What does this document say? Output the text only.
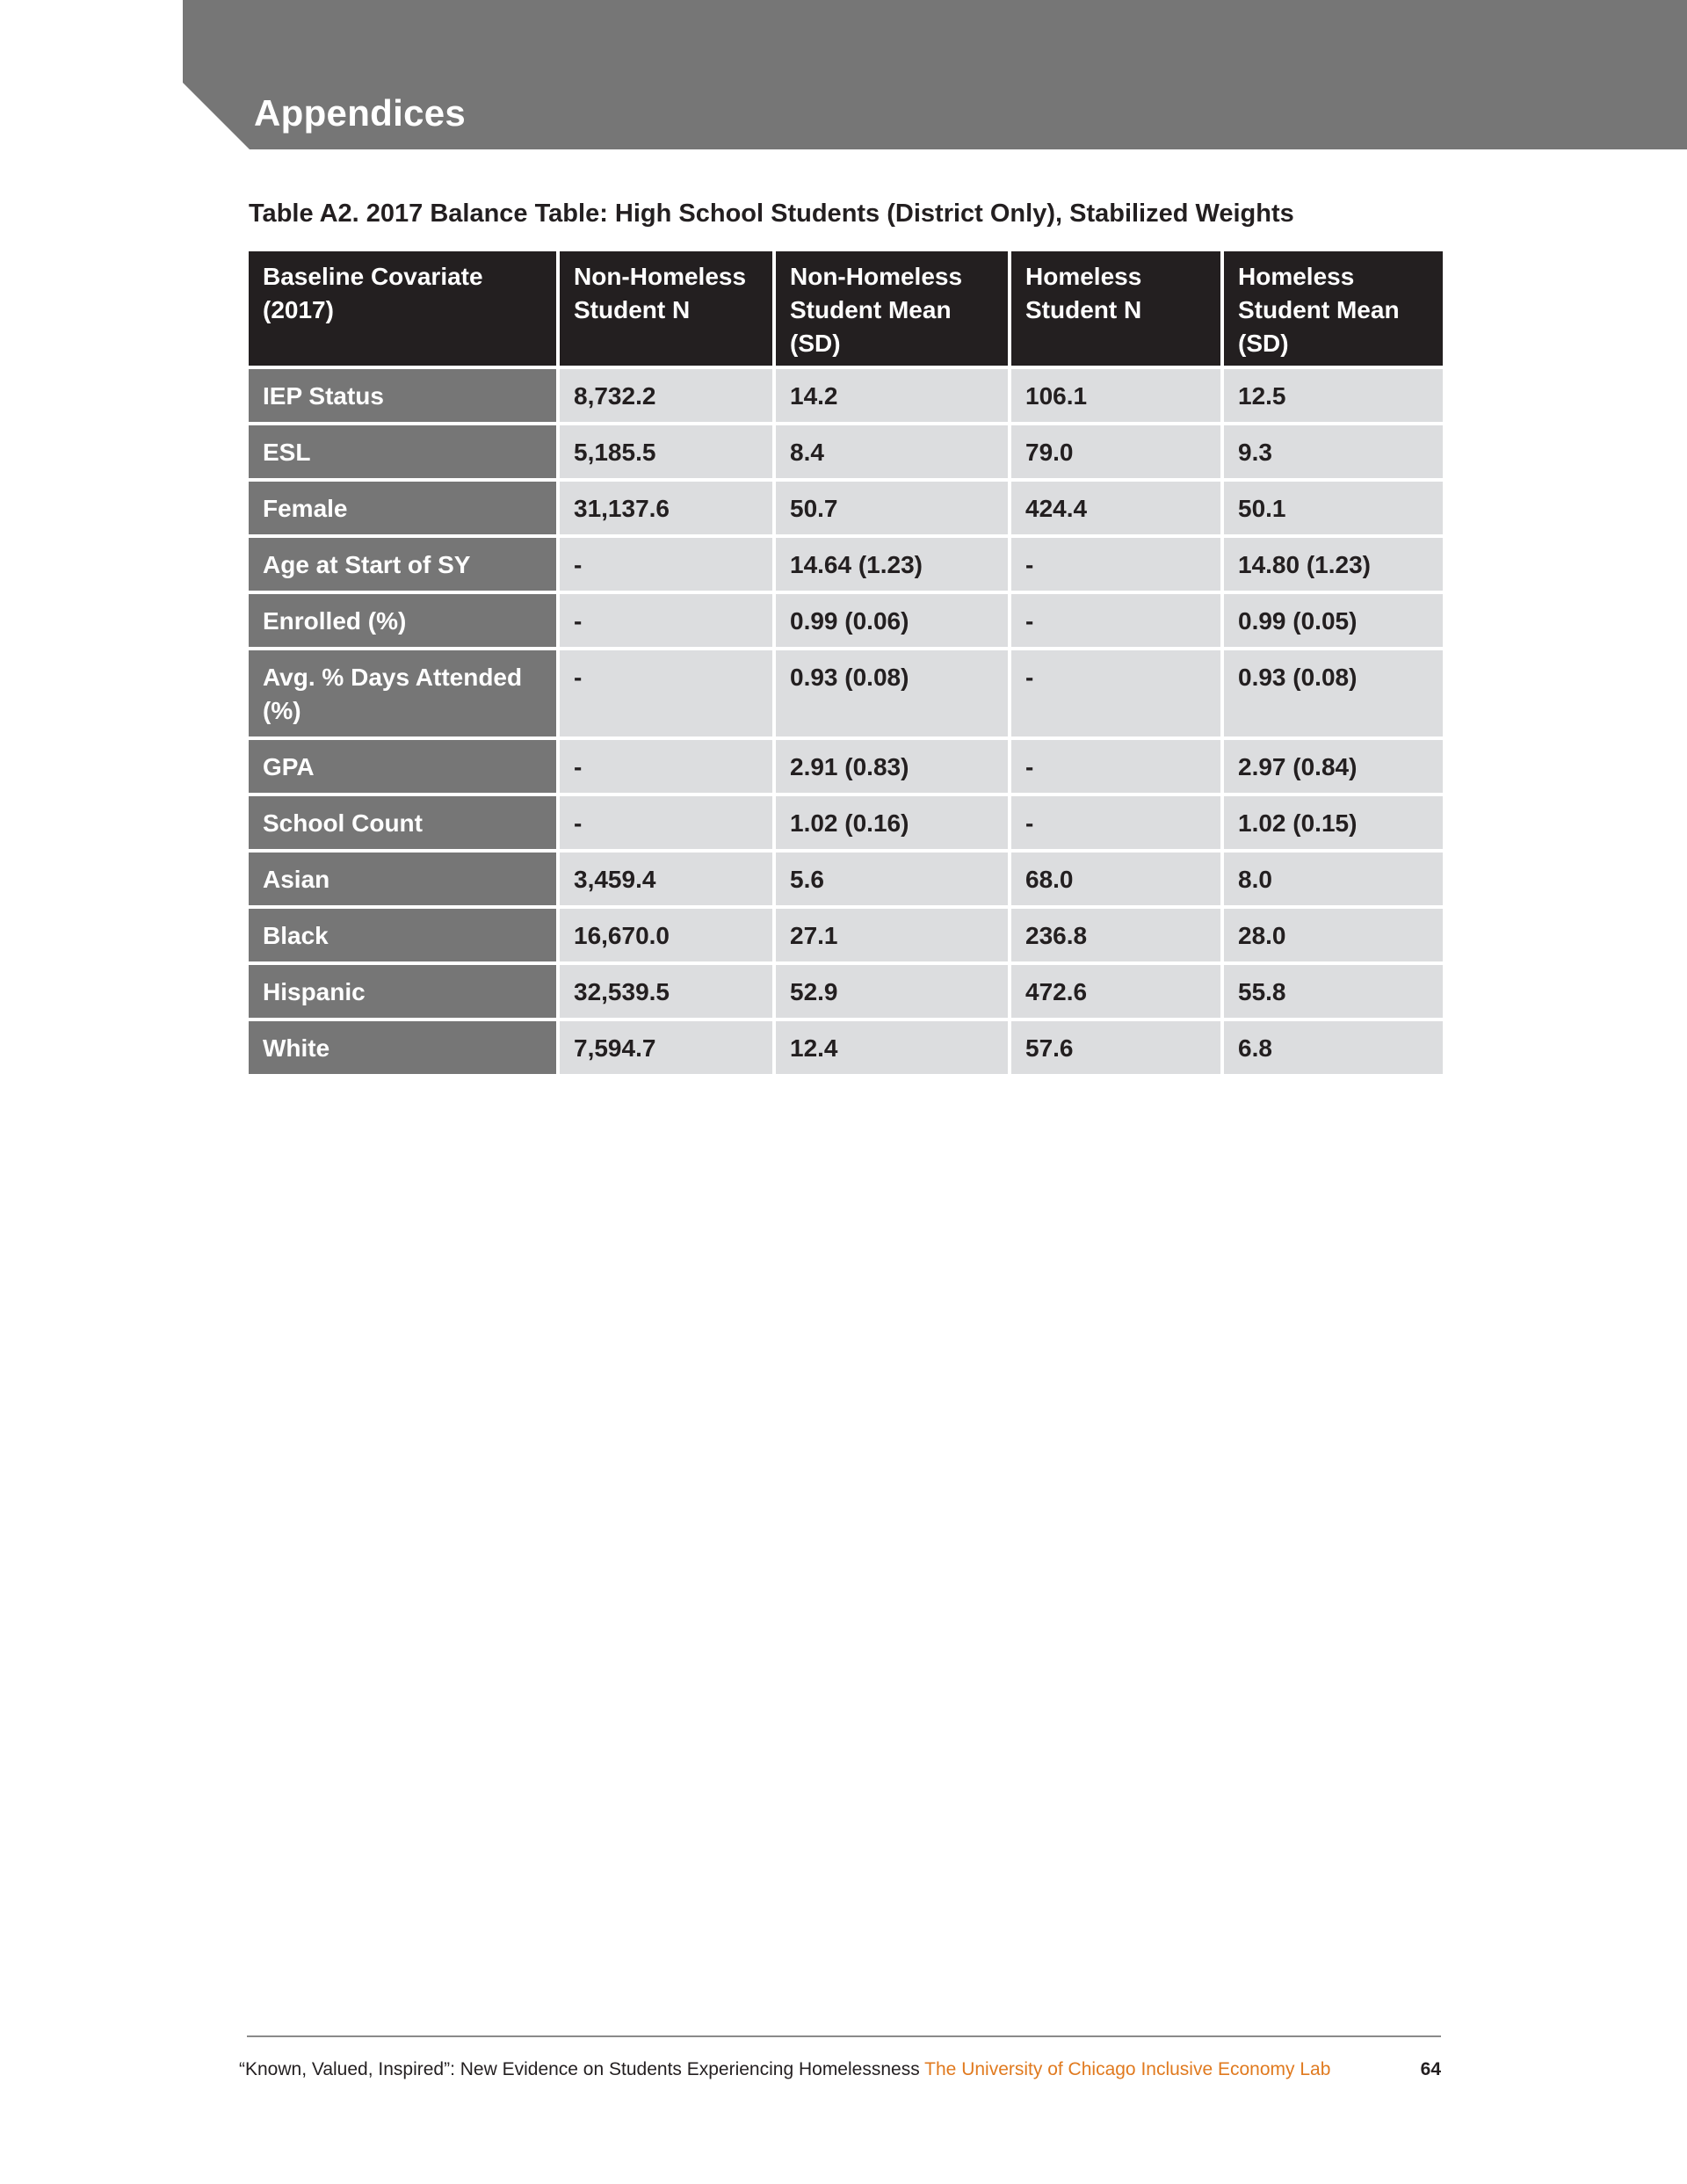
Appendices
Table A2. 2017 Balance Table: High School Students (District Only), Stabilized Weights
Baseline Covariate (2017)	Non-Homeless Student N	Non-Homeless Student Mean (SD)	Homeless Student N	Homeless Student Mean (SD)
IEP Status	8,732.2	14.2	106.1	12.5
ESL	5,185.5	8.4	79.0	9.3
Female	31,137.6	50.7	424.4	50.1
Age at Start of SY	-	14.64 (1.23)	-	14.80 (1.23)
Enrolled (%)	-	0.99 (0.06)	-	0.99 (0.05)
Avg. % Days Attended (%)	-	0.93 (0.08)	-	0.93 (0.08)
GPA	-	2.91 (0.83)	-	2.97 (0.84)
School Count	-	1.02 (0.16)	-	1.02 (0.15)
Asian	3,459.4	5.6	68.0	8.0
Black	16,670.0	27.1	236.8	28.0
Hispanic	32,539.5	52.9	472.6	55.8
White	7,594.7	12.4	57.6	6.8
“Known, Valued, Inspired”: New Evidence on Students Experiencing Homelessness The University of Chicago Inclusive Economy Lab	64
